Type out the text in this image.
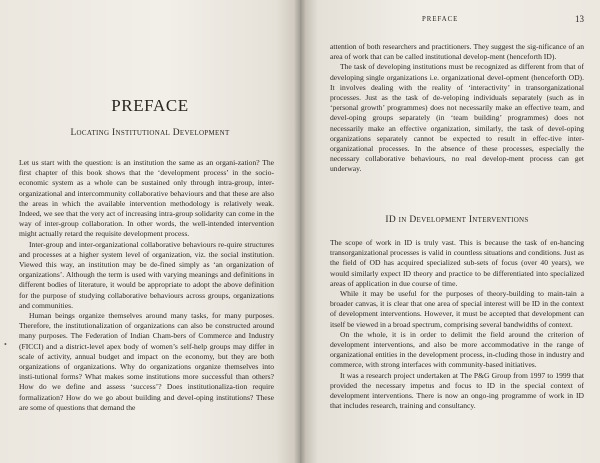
PREFACE
Locating Institutional Development

Let us start with the question: is an institution the same as an organi-zation? The first chapter of this book shows that the ‘development process’ in the socio-economic system as a whole can be sustained only through intra-group, inter-organizational and intercommunity collaborative behaviours and that these are also the areas in which the available intervention methodology is relatively weak. Indeed, we see that the very act of increasing intra-group solidarity can come in the way of inter-group collaboration. In other words, the well-intended intervention might actually retard the requisite development process.

Inter-group and inter-organizational collaborative behaviours re-quire structures and processes at a higher system level of organization, viz. the social institution. Viewed this way, an institution may be de-fined simply as ‘an organization of organizations’. Although the term is used with varying meanings and definitions in different bodies of literature, it would be appropriate to adopt the above definition for the purpose of studying collaborative behaviours across groups, organizations and communities.

Human beings organize themselves around many tasks, for many purposes. Therefore, the institutionalization of organizations can also be constructed around many purposes. The Federation of Indian Cham-bers of Commerce and Industry (FICCI) and a district-level apex body of women’s self-help groups may differ in scale of activity, annual budget and impact on the economy, but they are both organizations of organizations. Why do organizations organize themselves into insti-tutional forms? What makes some institutions more successful than others? How do we define and assess ‘success’? Does institutionaliza-tion require formalization? How do we go about building and devel-oping institutions? These are some of questions that demand the

•
PREFACE	13

attention of both researchers and practitioners. They suggest the sig-nificance of an area of work that can be called institutional develop-ment (henceforth ID).

The task of developing institutions must be recognized as different from that of developing single organizations i.e. organizational devel-opment (henceforth OD). It involves dealing with the reality of ‘interactivity’ in transorganizational processes. Just as the task of de-veloping individuals separately (such as in ‘personal growth’ programmes) does not necessarily make an effective team, and devel-oping groups separately (in ‘team building’ programmes) does not necessarily make an effective organization, similarly, the task of devel-oping organizations separately cannot be expected to result in effec-tive inter-organizational processes. In the absence of these processes, especially the necessary collaborative behaviours, no real develop-ment process can get underway.

ID in Development Interventions

The scope of work in ID is truly vast. This is because the task of en-hancing transorganizational processes is valid in countless situations and conditions. Just as the field of OD has acquired specialized sub-sets of focus (over 40 years), we would similarly expect ID theory and practice to be differentiated into specialized areas of application in due course of time.

While it may be useful for the purposes of theory-building to main-tain a broader canvas, it is clear that one area of special interest will be ID in the context of development interventions. However, it must be accepted that development can itself be viewed in a broad spectrum, comprising several bandwidths of context.

On the whole, it is in order to delimit the field around the criterion of development interventions, and also be more accommodative in the range of organizational entities in the development process, in-cluding those in industry and commerce, with strong interfaces with community-based initiatives.

It was a research project undertaken at The P&G Group from 1997 to 1999 that provided the necessary impetus and focus to ID in the special context of development interventions. There is now an ongo-ing programme of work in ID that includes research, training and consultancy.
